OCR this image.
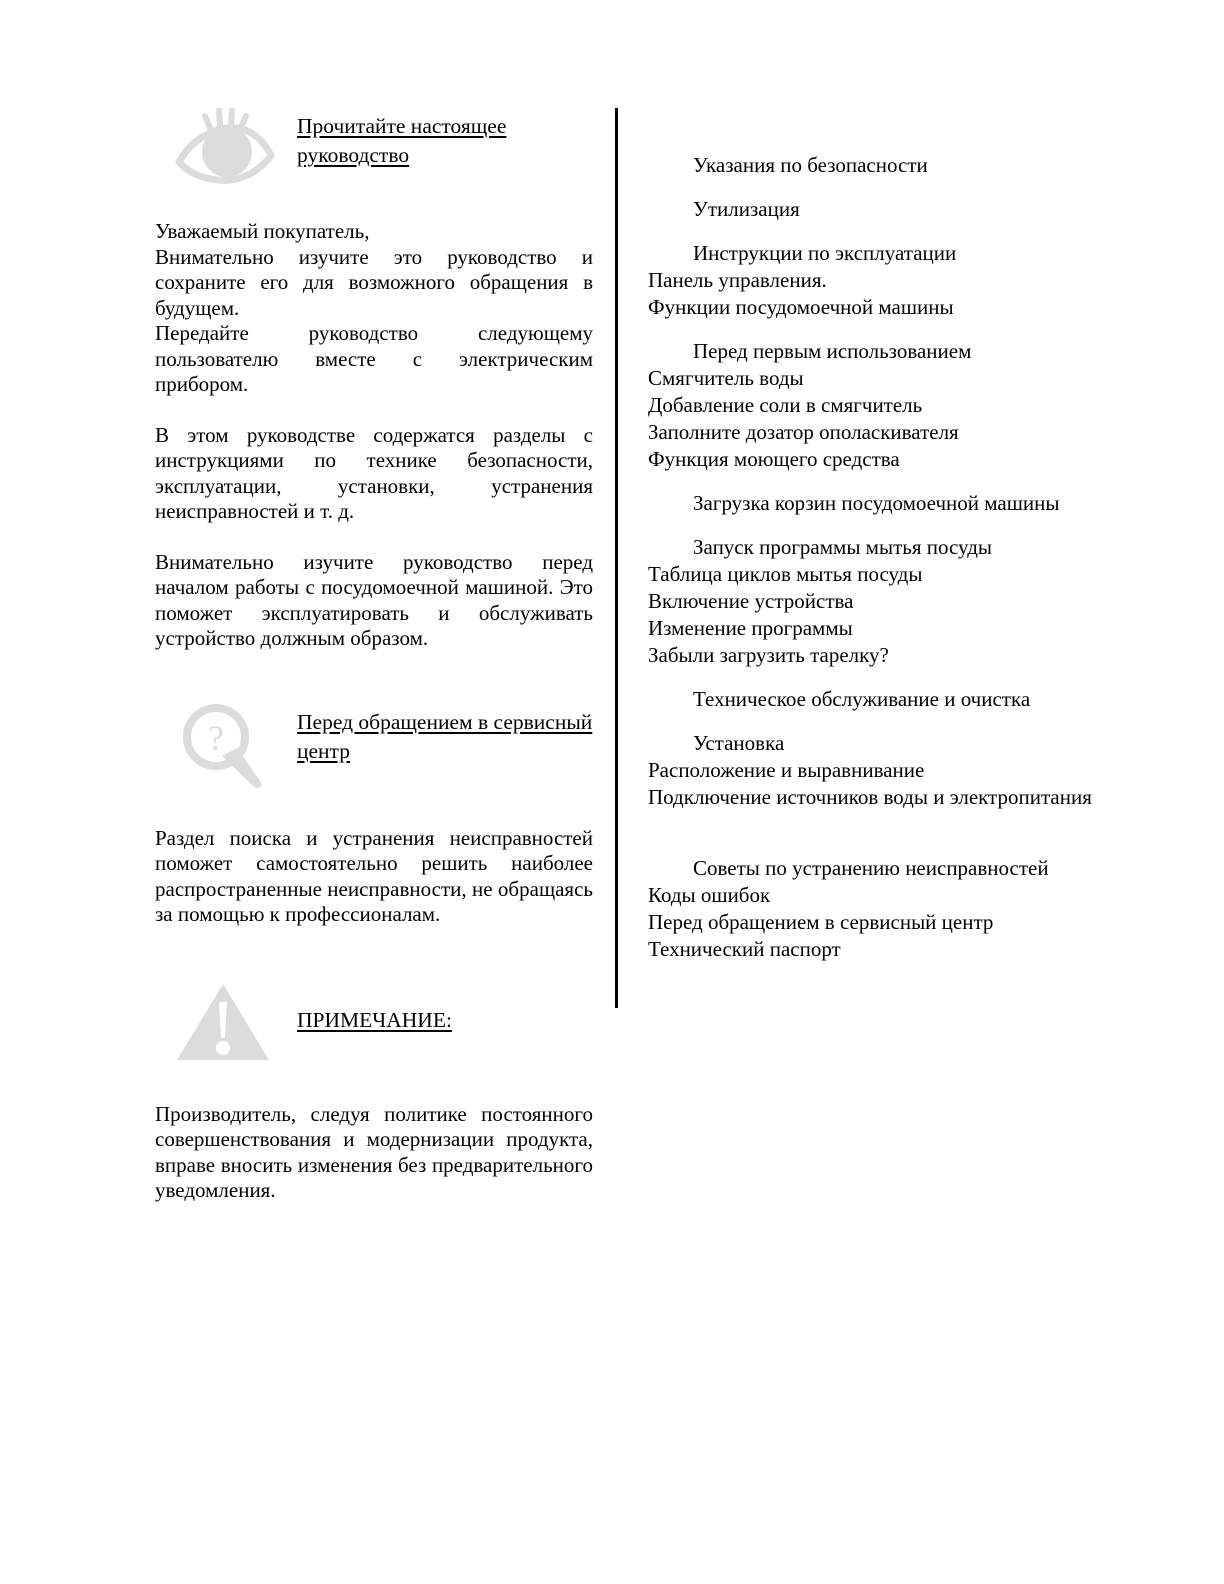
Прочитайте настоящее
руководство

Уважаемый покупатель,

Внимательно изучите это руководство и сохраните его для возможного обращения в будущем.

Передайте руководство следующему пользователю вместе с электрическим прибором.

В этом руководстве содержатся разделы с инструкциями по технике безопасности, эксплуатации, установки, устранения неисправностей и т. д.

Внимательно изучите руководство перед началом работы с посудомоечной машиной. Это поможет эксплуатировать и обслуживать устройство должным образом.

?	Перед обращением в сервисный
центр

Раздел поиска и устранения неисправностей поможет самостоятельно решить наиболее распространенные неисправности, не обращаясь за помощью к профессионалам.

ПРИМЕЧАНИЕ:

Производитель, следуя политике постоянного совершенствования и модернизации продукта, вправе вносить изменения без предварительного уведомления.

Указания по безопасности
Утилизация
Инструкции по эксплуатации
Панель управления.
Функции посудомоечной машины
Перед первым использованием
Смягчитель воды
Добавление соли в смягчитель
Заполните дозатор ополаскивателя
Функция моющего средства
Загрузка корзин посудомоечной машины
Запуск программы мытья посуды
Таблица циклов мытья посуды
Включение устройства
Изменение программы
Забыли загрузить тарелку?
Техническое обслуживание и очистка
Установка
Расположение и выравнивание
Подключение источников воды и электропитания
Советы по устранению неисправностей
Коды ошибок
Перед обращением в сервисный центр
Технический паспорт
